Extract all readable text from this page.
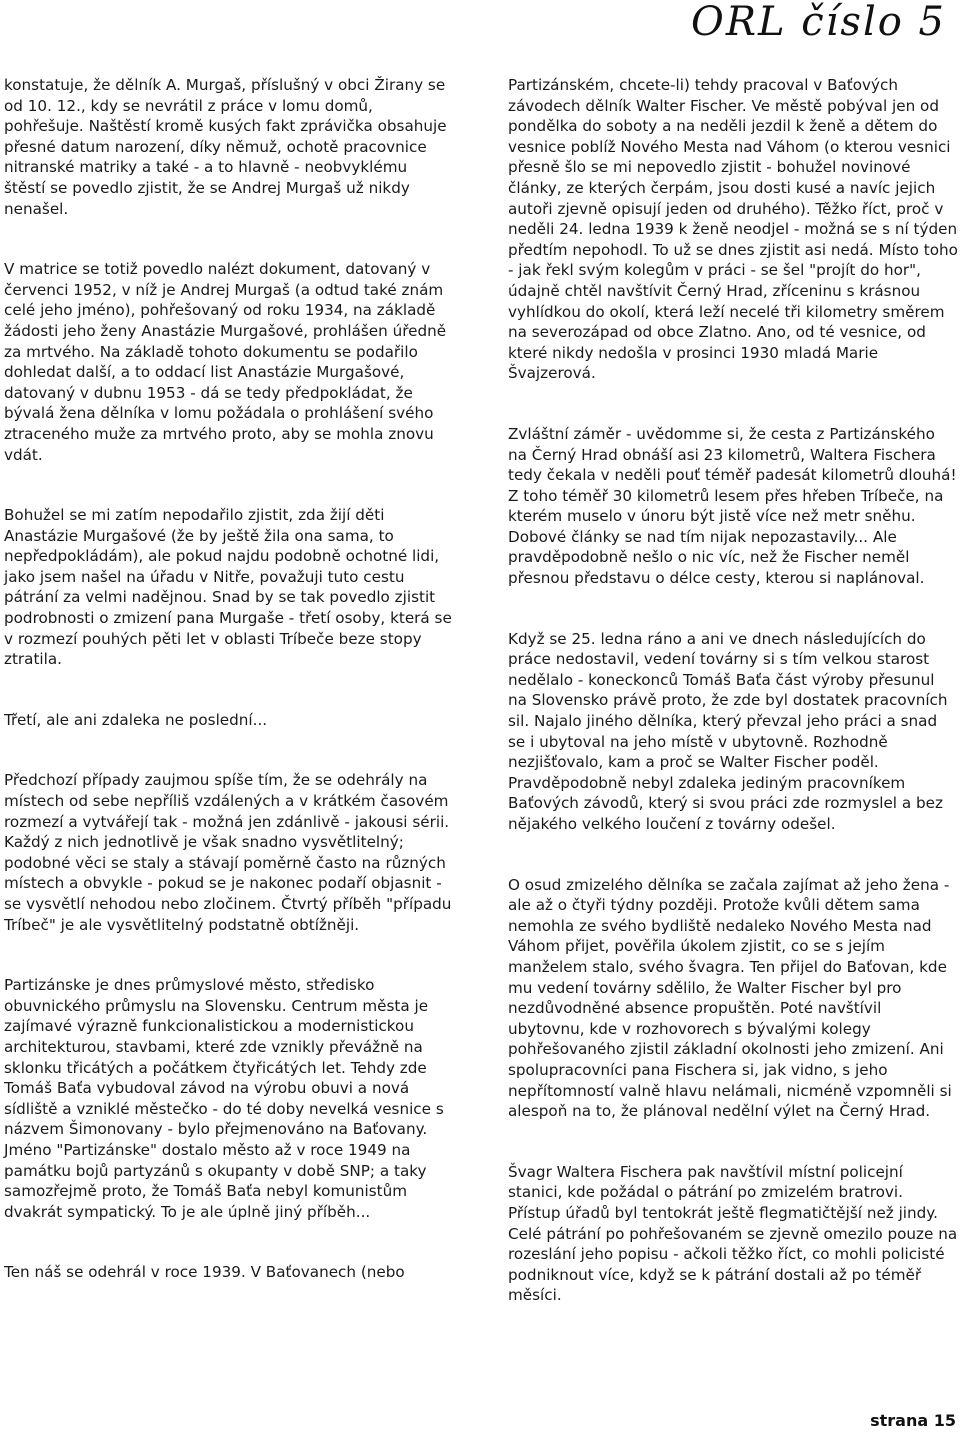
ORL číslo 5

konstatuje, že dělník A. Murgaš, příslušný v obci Žirany se od 10. 12., kdy se nevrátil z práce v lomu domů, pohřešuje. Naštěstí kromě kusých fakt zprávička obsahuje přesné datum narození, díky němuž, ochotě pracovnice nitranské matriky a také - a to hlavně - neobvyklému štěstí se povedlo zjistit, že se Andrej Murgaš už nikdy nenašel.

V matrice se totiž povedlo nalézt dokument, datovaný v červenci 1952, v níž je Andrej Murgaš (a odtud také znám celé jeho jméno), pohřešovaný od roku 1934, na základě žádosti jeho ženy Anastázie Murgašové, prohlášen úředně za mrtvého. Na základě tohoto dokumentu se podařilo dohledat další, a to oddací list Anastázie Murgašové, datovaný v dubnu 1953 - dá se tedy předpokládat, že bývalá žena dělníka v lomu požádala o prohlášení svého ztraceného muže za mrtvého proto, aby se mohla znovu vdát.

Bohužel se mi zatím nepodařilo zjistit, zda žijí děti Anastázie Murgašové (že by ještě žila ona sama, to nepředpokládám), ale pokud najdu podobně ochotné lidi, jako jsem našel na úřadu v Nitře, považuji tuto cestu pátrání za velmi nadějnou. Snad by se tak povedlo zjistit podrobnosti o zmizení pana Murgaše - třetí osoby, která se v rozmezí pouhých pěti let v oblasti Tríbeče beze stopy ztratila.

Třetí, ale ani zdaleka ne poslední...

Předchozí případy zaujmou spíše tím, že se odehrály na místech od sebe nepříliš vzdálených a v krátkém časovém rozmezí a vytvářejí tak - možná jen zdánlivě - jakousi sérii. Každý z nich jednotlivě je však snadno vysvětlitelný; podobné věci se staly a stávají poměrně často na různých místech a obvykle - pokud se je nakonec podaří objasnit - se vysvětlí nehodou nebo zločinem. Čtvrtý příběh "případu Tríbeč" je ale vysvětlitelný podstatně obtížněji.

Partizánske je dnes průmyslové město, středisko obuvnického průmyslu na Slovensku. Centrum města je zajímavé výrazně funkcionalistickou a modernistickou architekturou, stavbami, které zde vznikly převážně na sklonku třicátých a počátkem čtyřicátých let. Tehdy zde Tomáš Baťa vybudoval závod na výrobu obuvi a nová sídliště a vzniklé městečko - do té doby nevelká vesnice s názvem Šimonovany - bylo přejmenováno na Baťovany. Jméno "Partizánske" dostalo město až v roce 1949 na památku bojů partyzánů s okupanty v době SNP; a taky samozřejmě proto, že Tomáš Baťa nebyl komunistům dvakrát sympatický. To je ale úplně jiný příběh...

Ten náš se odehrál v roce 1939. V Baťovanech (nebo

Partizánském, chcete-li) tehdy pracoval v Baťových závodech dělník Walter Fischer. Ve městě pobýval jen od pondělka do soboty a na neděli jezdil k ženě a dětem do vesnice poblíž Nového Mesta nad Váhom (o kterou vesnici přesně šlo se mi nepovedlo zjistit - bohužel novinové články, ze kterých čerpám, jsou dosti kusé a navíc jejich autoři zjevně opisují jeden od druhého). Těžko říct, proč v neděli 24. ledna 1939 k ženě neodjel - možná se s ní týden předtím nepohodl. To už se dnes zjistit asi nedá. Místo toho - jak řekl svým kolegům v práci - se šel "projít do hor", údajně chtěl navštívit Černý Hrad, zříceninu s krásnou vyhlídkou do okolí, která leží necelé tři kilometry směrem na severozápad od obce Zlatno. Ano, od té vesnice, od které nikdy nedošla v prosinci 1930 mladá Marie Švajzerová.

Zvláštní záměr - uvědomme si, že cesta z Partizánského na Černý Hrad obnáší asi 23 kilometrů, Waltera Fischera tedy čekala v neděli pouť téměř padesát kilometrů dlouhá! Z toho téměř 30 kilometrů lesem přes hřeben Tríbeče, na kterém muselo v únoru být jistě více než metr sněhu. Dobové články se nad tím nijak nepozastavily... Ale pravděpodobně nešlo o nic víc, než že Fischer neměl přesnou představu o délce cesty, kterou si naplánoval.

Když se 25. ledna ráno a ani ve dnech následujících do práce nedostavil, vedení továrny si s tím velkou starost nedělalo - koneckonců Tomáš Baťa část výroby přesunul na Slovensko právě proto, že zde byl dostatek pracovních sil. Najalo jiného dělníka, který převzal jeho práci a snad se i ubytoval na jeho místě v ubytovně. Rozhodně nezjišťovalo, kam a proč se Walter Fischer poděl. Pravděpodobně nebyl zdaleka jediným pracovníkem Baťových závodů, který si svou práci zde rozmyslel a bez nějakého velkého loučení z továrny odešel.

O osud zmizelého dělníka se začala zajímat až jeho žena - ale až o čtyři týdny později. Protože kvůli dětem sama nemohla ze svého bydliště nedaleko Nového Mesta nad Váhom přijet, pověřila úkolem zjistit, co se s jejím manželem stalo, svého švagra. Ten přijel do Baťovan, kde mu vedení továrny sdělilo, že Walter Fischer byl pro nezdůvodněné absence propuštěn. Poté navštívil ubytovnu, kde v rozhovorech s bývalými kolegy pohřešovaného zjistil základní okolnosti jeho zmizení. Ani spolupracovníci pana Fischera si, jak vidno, s jeho nepřítomností valně hlavu nelámali, nicméně vzpomněli si alespoň na to, že plánoval nedělní výlet na Černý Hrad.

Švagr Waltera Fischera pak navštívil místní policejní stanici, kde požádal o pátrání po zmizelém bratrovi. Přístup úřadů byl tentokrát ještě flegmatičtější než jindy. Celé pátrání po pohřešovaném se zjevně omezilo pouze na rozeslání jeho popisu - ačkoli těžko říct, co mohli policisté podniknout více, když se k pátrání dostali až po téměř měsíci.

strana 15
